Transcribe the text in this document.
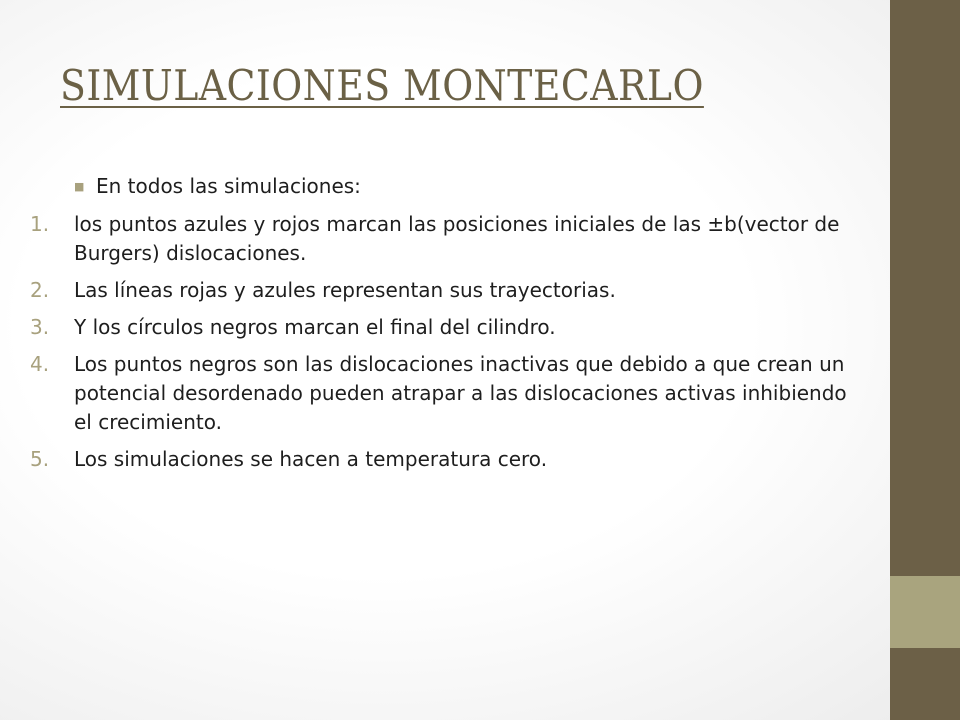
SIMULACIONES MONTECARLO
■ En todos las simulaciones:
1.	los puntos azules y rojos marcan las posiciones iniciales de las ±b(vector de Burgers) dislocaciones.
2.	Las líneas rojas y azules representan sus trayectorias.
3.	Y los círculos negros marcan el final del cilindro.
4.	Los puntos negros son las dislocaciones inactivas que debido a que crean un potencial desordenado pueden atrapar a las dislocaciones activas inhibiendo el crecimiento.
5.	Los simulaciones se hacen a temperatura cero.
